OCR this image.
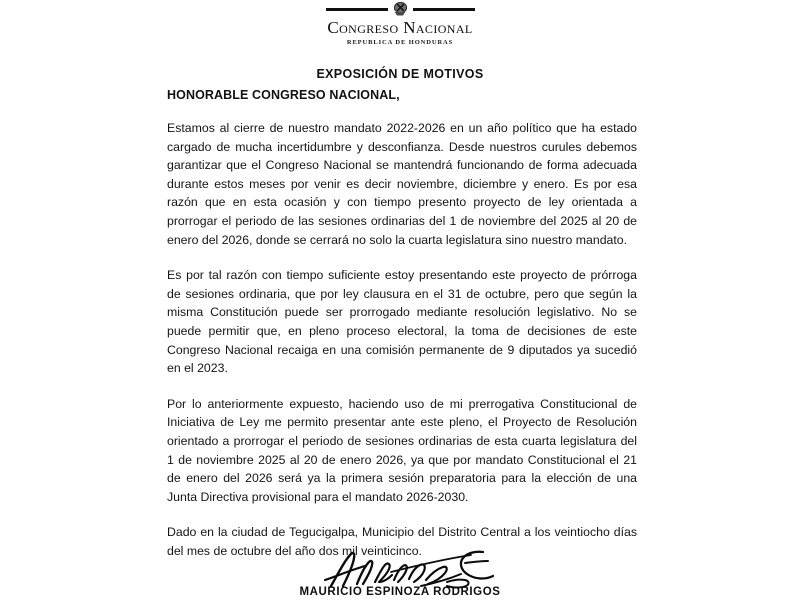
Congreso Nacional
REPUBLICA DE HONDURAS
EXPOSICIÓN DE MOTIVOS

HONORABLE CONGRESO NACIONAL,

Estamos al cierre de nuestro mandato 2022-2026 en un año político que ha estado cargado de mucha incertidumbre y desconfianza. Desde nuestros curules debemos garantizar que el Congreso Nacional se mantendrá funcionando de forma adecuada durante estos meses por venir es decir noviembre, diciembre y enero. Es por esa razón que en esta ocasión y con tiempo presento proyecto de ley orientada a prorrogar el periodo de las sesiones ordinarias del 1 de noviembre del 2025 al 20 de enero del 2026, donde se cerrará no solo la cuarta legislatura sino nuestro mandato.

Es por tal razón con tiempo suficiente estoy presentando este proyecto de prórroga de sesiones ordinaria, que por ley clausura en el 31 de octubre, pero que según la misma Constitución puede ser prorrogado mediante resolución legislativo. No se puede permitir que, en pleno proceso electoral, la toma de decisiones de este Congreso Nacional recaiga en una comisión permanente de 9 diputados ya sucedió en el 2023.

Por lo anteriormente expuesto, haciendo uso de mi prerrogativa Constitucional de Iniciativa de Ley me permito presentar ante este pleno, el Proyecto de Resolución orientado a prorrogar el periodo de sesiones ordinarias de esta cuarta legislatura del 1 de noviembre 2025 al 20 de enero 2026, ya que por mandato Constitucional el 21 de enero del 2026 será ya la primera sesión preparatoria para la elección de una Junta Directiva provisional para el mandato 2026-2030.

Dado en la ciudad de Tegucigalpa, Municipio del Distrito Central a los veintiocho días del mes de octubre del año dos mil veinticinco.

MAURICIO ESPINOZA RODRIGOS
